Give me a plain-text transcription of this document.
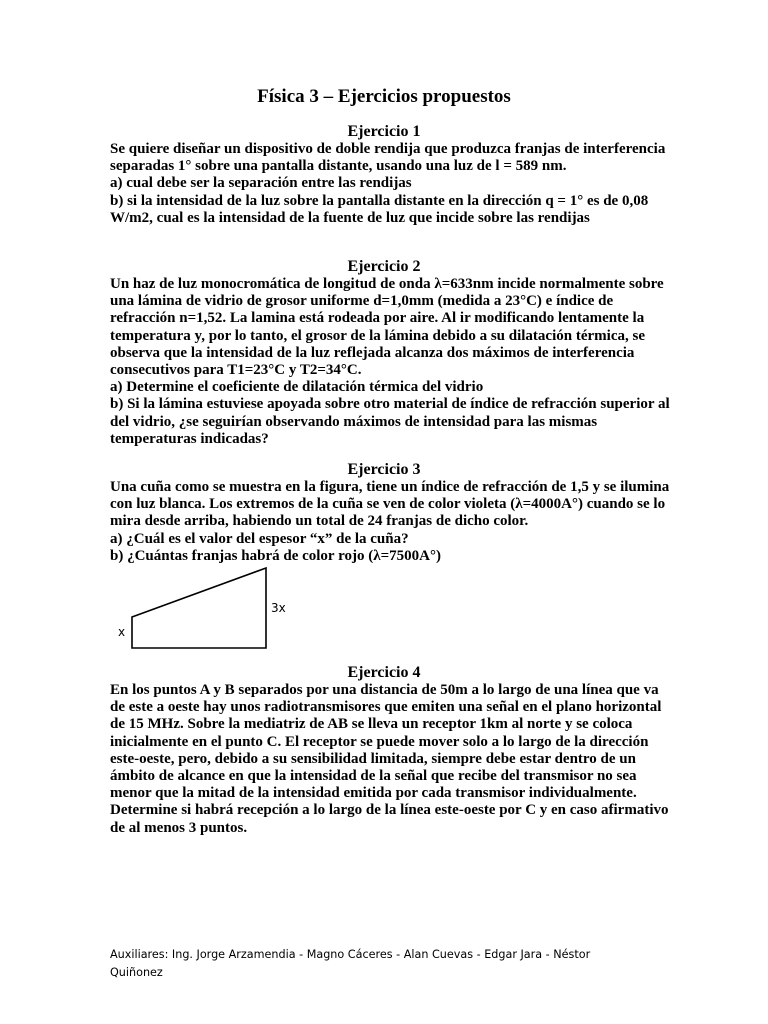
Física 3 – Ejercicios propuestos
Ejercicio 1

Se quiere diseñar un dispositivo de doble rendija que produzca franjas de interferencia separadas 1° sobre una pantalla distante, usando una luz de l = 589 nm.

a) cual debe ser la separación entre las rendijas

b) si la intensidad de la luz sobre la pantalla distante en la dirección q = 1° es de 0,08 W/m2, cual es la intensidad de la fuente de luz que incide sobre las rendijas

Ejercicio 2

Un haz de luz monocromática de longitud de onda λ=633nm incide normalmente sobre una lámina de vidrio de grosor uniforme d=1,0mm (medida a 23°C) e índice de refracción n=1,52. La lamina está rodeada por aire. Al ir modificando lentamente la temperatura y, por lo tanto, el grosor de la lámina debido a su dilatación térmica, se observa que la intensidad de la luz reflejada alcanza dos máximos de interferencia consecutivos para T1=23°C y T2=34°C.

a) Determine el coeficiente de dilatación térmica del vidrio

b) Si la lámina estuviese apoyada sobre otro material de índice de refracción superior al del vidrio, ¿se seguirían observando máximos de intensidad para las mismas temperaturas indicadas?

Ejercicio 3

Una cuña como se muestra en la figura, tiene un índice de refracción de 1,5 y se ilumina con luz blanca. Los extremos de la cuña se ven de color violeta (λ=4000A°) cuando se lo mira desde arriba, habiendo un total de 24 franjas de dicho color.

a) ¿Cuál es el valor del espesor “x” de la cuña?

b) ¿Cuántas franjas habrá de color rojo (λ=7500A°)

x
3x
Ejercicio 4

En los puntos A y B separados por una distancia de 50m a lo largo de una línea que va de este a oeste hay unos radiotransmisores que emiten una señal en el plano horizontal de 15 MHz. Sobre la mediatriz de AB se lleva un receptor 1km al norte y se coloca inicialmente en el punto C. El receptor se puede mover solo a lo largo de la dirección este-oeste, pero, debido a su sensibilidad limitada, siempre debe estar dentro de un ámbito de alcance en que la intensidad de la señal que recibe del transmisor no sea menor que la mitad de la intensidad emitida por cada transmisor individualmente. Determine si habrá recepción a lo largo de la línea este-oeste por C y en caso afirmativo de al menos 3 puntos.

Auxiliares: Ing. Jorge Arzamendia - Magno Cáceres - Alan Cuevas - Edgar Jara - Néstor Quiñonez
